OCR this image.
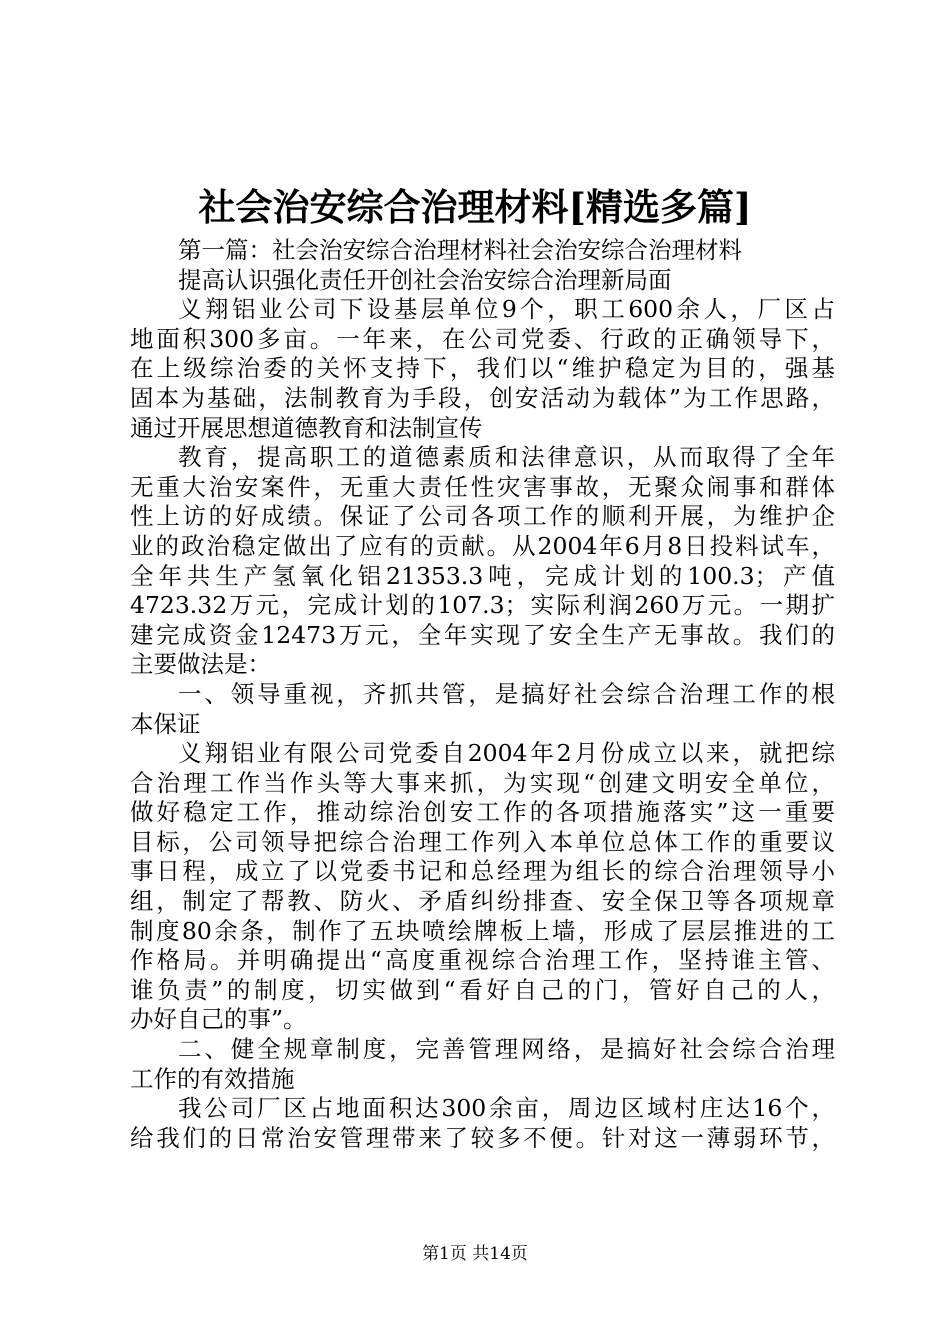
社会治安综合治理材料[精选多篇]
第一篇：社会治安综合治理材料社会治安综合治理材料
提高认识强化责任开创社会治安综合治理新局面
义翔铝业公司下设基层单位9个，职工600余人，厂区占
地面积300多亩。一年来，在公司党委、行政的正确领导下，
在上级综治委的关怀支持下，我们以“维护稳定为目的，强基
固本为基础，法制教育为手段，创安活动为载体”为工作思路，
通过开展思想道德教育和法制宣传
教育，提高职工的道德素质和法律意识，从而取得了全年
无重大治安案件，无重大责任性灾害事故，无聚众闹事和群体
性上访的好成绩。保证了公司各项工作的顺利开展，为维护企
业的政治稳定做出了应有的贡献。从2004年6月8日投料试车，
全年共生产氢氧化铝21353.3吨，完成计划的100.3；产值
4723.32万元，完成计划的107.3；实际利润260万元。一期扩
建完成资金12473万元，全年实现了安全生产无事故。我们的
主要做法是：
一、领导重视，齐抓共管，是搞好社会综合治理工作的根
本保证
义翔铝业有限公司党委自2004年2月份成立以来，就把综
合治理工作当作头等大事来抓，为实现“创建文明安全单位，
做好稳定工作，推动综治创安工作的各项措施落实”这一重要
目标，公司领导把综合治理工作列入本单位总体工作的重要议
事日程，成立了以党委书记和总经理为组长的综合治理领导小
组，制定了帮教、防火、矛盾纠纷排查、安全保卫等各项规章
制度80余条，制作了五块喷绘牌板上墙，形成了层层推进的工
作格局。并明确提出“高度重视综合治理工作，坚持谁主管、
谁负责”的制度，切实做到“看好自己的门，管好自己的人，
办好自己的事”。
二、健全规章制度，完善管理网络，是搞好社会综合治理
工作的有效措施
我公司厂区占地面积达300余亩，周边区域村庄达16个，
给我们的日常治安管理带来了较多不便。针对这一薄弱环节，
第1页 共14页
